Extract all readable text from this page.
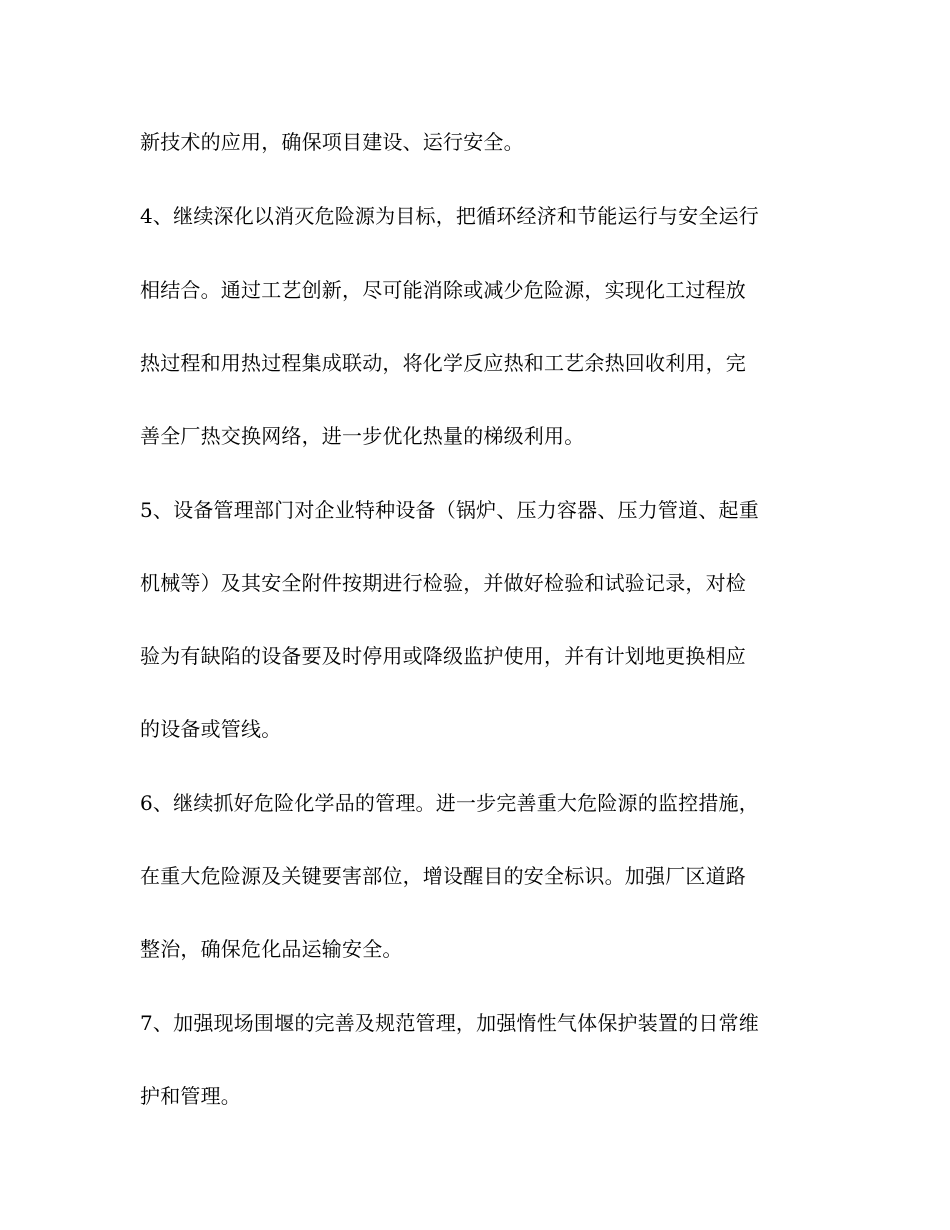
新技术的应用，确保项目建设、运行安全。
4、继续深化以消灭危险源为目标，把循环经济和节能运行与安全运行
相结合。通过工艺创新，尽可能消除或减少危险源，实现化工过程放
热过程和用热过程集成联动，将化学反应热和工艺余热回收利用，完
善全厂热交换网络，进一步优化热量的梯级利用。
5、设备管理部门对企业特种设备（锅炉、压力容器、压力管道、起重
机械等）及其安全附件按期进行检验，并做好检验和试验记录，对检
验为有缺陷的设备要及时停用或降级监护使用，并有计划地更换相应
的设备或管线。
6、继续抓好危险化学品的管理。进一步完善重大危险源的监控措施，
在重大危险源及关键要害部位，增设醒目的安全标识。加强厂区道路
整治，确保危化品运输安全。
7、加强现场围堰的完善及规范管理，加强惰性气体保护装置的日常维
护和管理。
